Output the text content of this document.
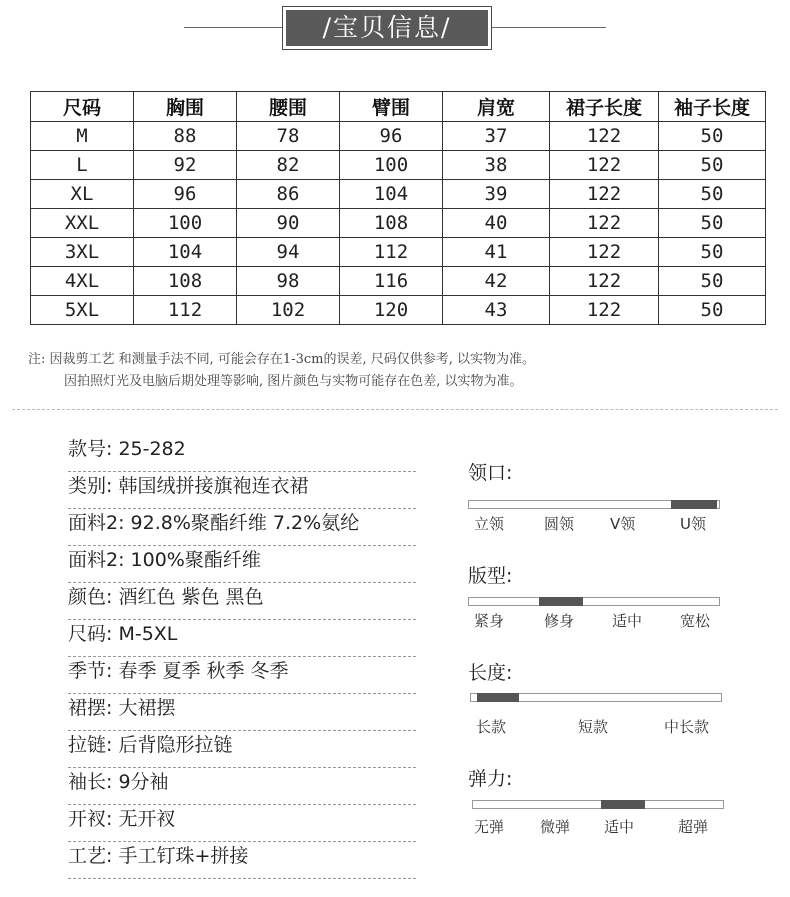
/宝贝信息/
尺码	胸围	腰围	臂围	肩宽	裙子长度	袖子长度
M	88	78	96	37	122	50
L	92	82	100	38	122	50
XL	96	86	104	39	122	50
XXL	100	90	108	40	122	50
3XL	104	94	112	41	122	50
4XL	108	98	116	42	122	50
5XL	112	102	120	43	122	50
注: 因裁剪工艺 和测量手法不同, 可能会存在1-3cm的误差, 尺码仅供参考, 以实物为准。
因拍照灯光及电脑后期处理等影响, 图片颜色与实物可能存在色差, 以实物为准。
款号: 25-282
类别: 韩国绒拼接旗袍连衣裙
面料2: 92.8%聚酯纤维 7.2%氨纶
面料2: 100%聚酯纤维
颜色: 酒红色 紫色 黑色
尺码: M-5XL
季节: 春季 夏季 秋季 冬季
裙摆: 大裙摆
拉链: 后背隐形拉链
袖长: 9分袖
开衩: 无开衩
工艺: 手工钉珠+拼接
领口:
立领	圆领 V领	U领
版型:
紧身	修身	适中	宽松
长度:
长款	短款	中长款
弹力:
无弹 微弹 适中	超弹
